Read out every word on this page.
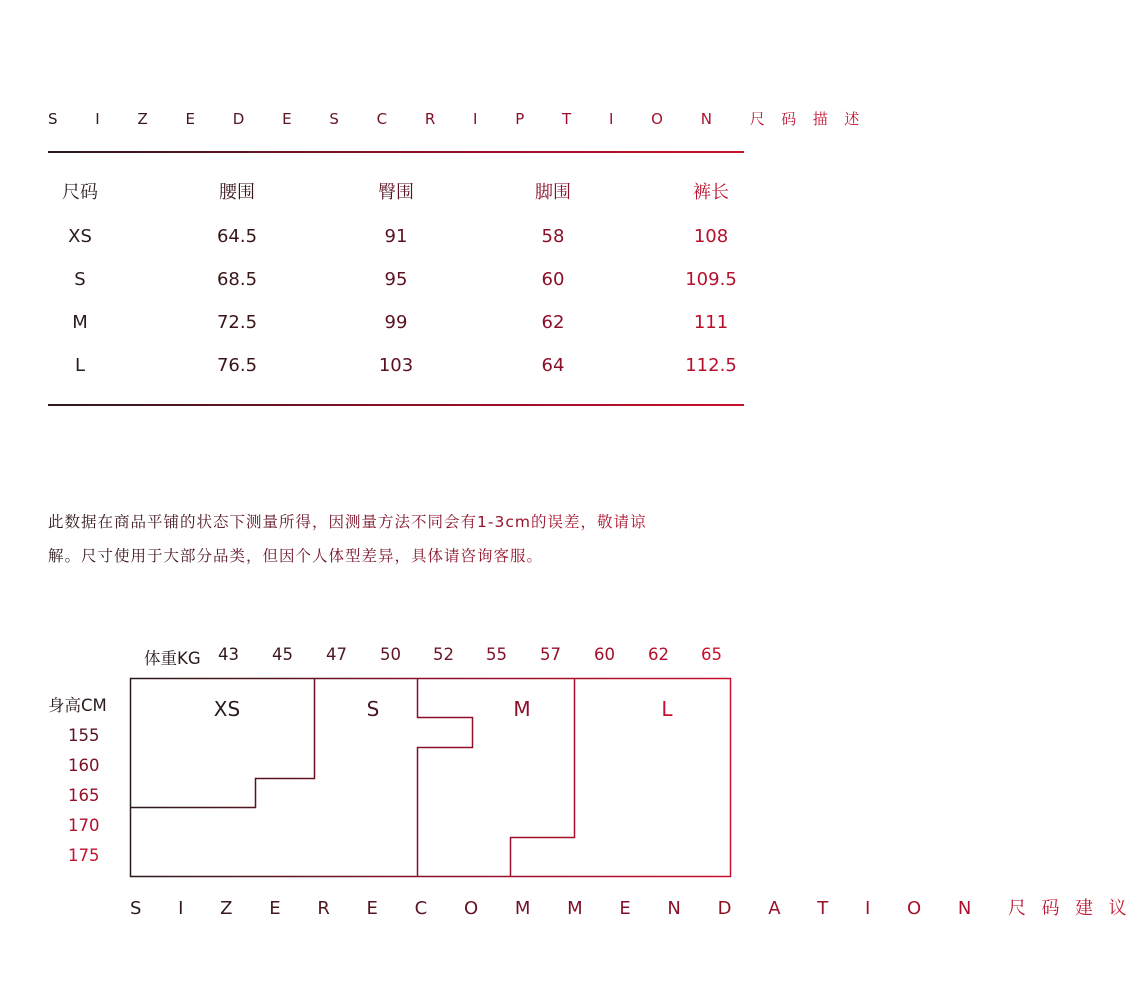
S I Z E D E S C R I P T I O N 尺码描述
尺码	腰围	臀围	脚围	裤长
XS	64.5	91	58	108
S	68.5	95	60	109.5
M	72.5	99	62	111
L	76.5	103	64	112.5
此数据在商品平铺的状态下测量所得，因测量方法不同会有1-3cm的误差，敬请谅
解。尺寸使用于大部分品类，但因个人体型差异，具体请咨询客服。
体重KG 43 45 47 50 52 55 57 60 62 65
身高CM
155
160
165
170
175
XS	S	M	L
S I Z E R E C O M M E N D A T I O N 尺码建议
